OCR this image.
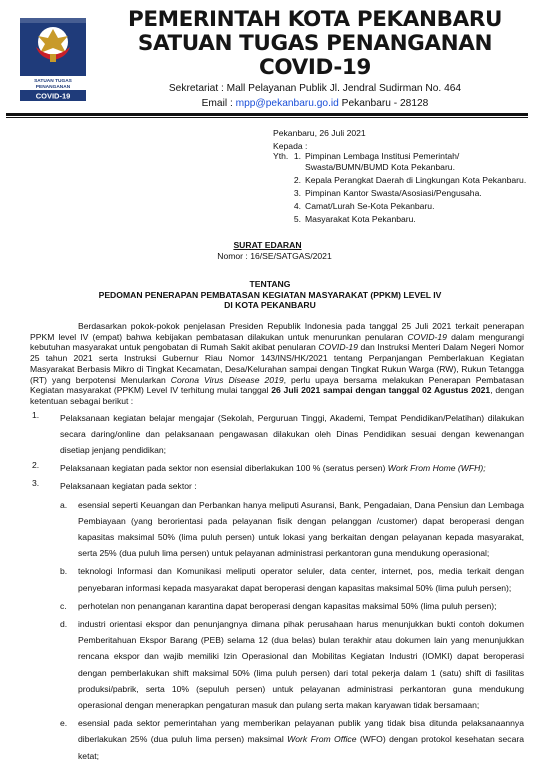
SATUAN TUGAS
PENANGANAN
COVID-19
PEMERINTAH KOTA PEKANBARU
SATUAN TUGAS PENANGANAN
COVID-19
Sekretariat : Mall Pelayanan Publik Jl. Jendral Sudirman No. 464
Email : mpp@pekanbaru.go.id Pekanbaru - 28128
Pekanbaru, 26 Juli 2021
Kepada :
Yth. 1. Pimpinan Lembaga Institusi Pemerintah/ Swasta/BUMN/BUMD Kota Pekanbaru.
2. Kepala Perangkat Daerah di Lingkungan Kota Pekanbaru.
3. Pimpinan Kantor Swasta/Asosiasi/Pengusaha.
4. Camat/Lurah Se-Kota Pekanbaru.
5. Masyarakat Kota Pekanbaru.
SURAT EDARAN
Nomor : 16/SE/SATGAS/2021
TENTANG
PEDOMAN PENERAPAN PEMBATASAN KEGIATAN MASYARAKAT (PPKM) LEVEL IV
DI KOTA PEKANBARU

Berdasarkan pokok-pokok penjelasan Presiden Republik Indonesia pada tanggal 25 Juli 2021 terkait penerapan PPKM level IV (empat) bahwa kebijakan pembatasan dilakukan untuk menurunkan penularan COVID-19 dalam mengurangi kebutuhan masyarakat untuk pengobatan di Rumah Sakit akibat penularan COVID-19 dan Instruksi Menteri Dalam Negeri Nomor 25 tahun 2021 serta Instruksi Gubernur Riau Nomor 143/INS/HK/2021 tentang Perpanjangan Pemberlakuan Kegiatan Masyarakat Berbasis Mikro di Tingkat Kecamatan, Desa/Kelurahan sampai dengan Tingkat Rukun Warga (RW), Rukun Tetangga (RT) yang berpotensi Menularkan Corona Virus Disease 2019, perlu upaya bersama melakukan Penerapan Pembatasan Kegiatan masyarakat (PPKM) Level IV terhitung mulai tanggal 26 Juli 2021 sampai dengan tanggal 02 Agustus 2021, dengan ketentuan sebagai berikut :

1.	Pelaksanaan kegiatan belajar mengajar (Sekolah, Perguruan Tinggi, Akademi, Tempat Pendidikan/Pelatihan) dilakukan secara daring/online dan pelaksanaan pengawasan dilakukan oleh Dinas Pendidikan sesuai dengan kewenangan disetiap jenjang pendidikan;
2.	Pelaksanaan kegiatan pada sektor non esensial diberlakukan 100 % (seratus persen) Work From Home (WFH);
3.	Pelaksanaan kegiatan pada sektor :
a.	esensial seperti Keuangan dan Perbankan hanya meliputi Asuransi, Bank, Pengadaian, Dana Pensiun dan Lembaga Pembiayaan (yang berorientasi pada pelayanan fisik dengan pelanggan /customer) dapat beroperasi dengan kapasitas maksimal 50% (lima puluh persen) untuk lokasi yang berkaitan dengan pelayanan kepada masyarakat, serta 25% (dua puluh lima persen) untuk pelayanan administrasi perkantoran guna mendukung operasional;
b.	teknologi Informasi dan Komunikasi meliputi operator seluler, data center, internet, pos, media terkait dengan penyebaran informasi kepada masyarakat dapat beroperasi dengan kapasitas maksimal 50% (lima puluh persen);
c.	perhotelan non penanganan karantina dapat beroperasi dengan kapasitas maksimal 50% (lima puluh persen);
d.	industri orientasi ekspor dan penunjangnya dimana pihak perusahaan harus menunjukkan bukti contoh dokumen Pemberitahuan Ekspor Barang (PEB) selama 12 (dua belas) bulan terakhir atau dokumen lain yang menunjukkan rencana ekspor dan wajib memiliki Izin Operasional dan Mobilitas Kegiatan Industri (IOMKI) dapat beroperasi dengan pemberlakukan shift maksimal 50% (lima puluh persen) dari total pekerja dalam 1 (satu) shift di fasilitas produksi/pabrik, serta 10% (sepuluh persen) untuk pelayanan administrasi perkantoran guna mendukung operasional dengan menerapkan pengaturan masuk dan pulang serta makan karyawan tidak bersamaan;
e.	esensial pada sektor pemerintahan yang memberikan pelayanan publik yang tidak bisa ditunda pelaksanaannya diberlakukan 25% (dua puluh lima persen) maksimal Work From Office (WFO) dengan protokol kesehatan secara ketat;
